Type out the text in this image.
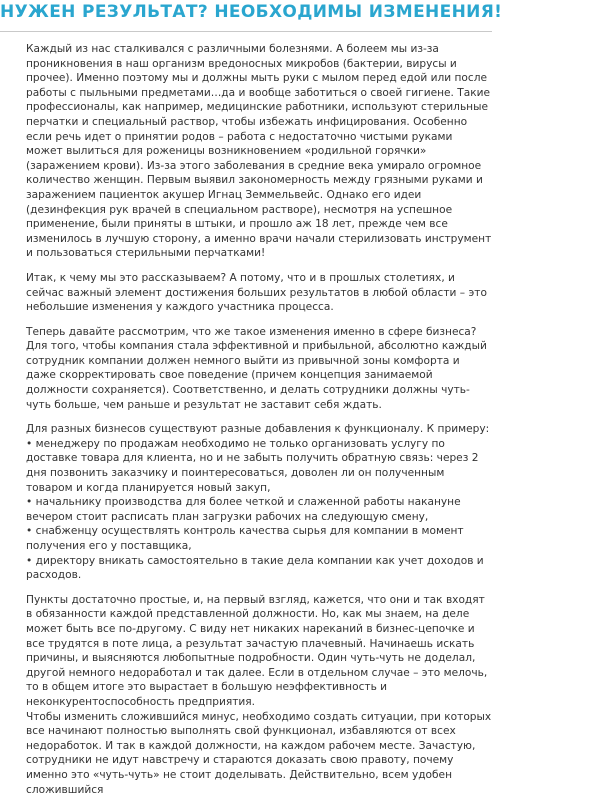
НУЖЕН РЕЗУЛЬТАТ? НЕОБХОДИМЫ ИЗМЕНЕНИЯ!

Каждый из нас сталкивался с различными болезнями. А болеем мы из-за проникновения в наш организм вредоносных микробов (бактерии, вирусы и прочее). Именно поэтому мы и должны мыть руки с мылом перед едой или после работы с пыльными предметами…да и вообще заботиться о своей гигиене. Такие профессионалы, как например, медицинские работники, используют стерильные перчатки и специальный раствор, чтобы избежать инфицирования. Особенно если речь идет о принятии родов – работа с недостаточно чистыми руками может вылиться для роженицы возникновением «родильной горячки» (заражением крови). Из-за этого заболевания в средние века умирало огромное количество женщин. Первым выявил закономерность между грязными руками и заражением пациенток акушер Игнац Земмельвейс. Однако его идеи (дезинфекция рук врачей в специальном растворе), несмотря на успешное применение, были приняты в штыки, и прошло аж 18 лет, прежде чем все изменилось в лучшую сторону, а именно врачи начали стерилизовать инструмент и пользоваться стерильными перчатками!

Итак, к чему мы это рассказываем? А потому, что и в прошлых столетиях, и сейчас важный элемент достижения больших результатов в любой области – это небольшие изменения у каждого участника процесса.

Теперь давайте рассмотрим, что же такое изменения именно в сфере бизнеса? Для того, чтобы компания стала эффективной и прибыльной, абсолютно каждый сотрудник компании должен немного выйти из привычной зоны комфорта и даже скорректировать свое поведение (причем концепция занимаемой должности сохраняется). Соответственно, и делать сотрудники должны чуть-чуть больше, чем раньше и результат не заставит себя ждать.

Для разных бизнесов существуют разные добавления к функционалу. К примеру:

• менеджеру по продажам необходимо не только организовать услугу по доставке товара для клиента, но и не забыть получить обратную связь: через 2 дня позвонить заказчику и поинтересоваться, доволен ли он полученным товаром и когда планируется новый закуп,

• начальнику производства для более четкой и слаженной работы накануне вечером стоит расписать план загрузки рабочих на следующую смену,

• снабженцу осуществлять контроль качества сырья для компании в момент получения его у поставщика,

• директору вникать самостоятельно в такие дела компании как учет доходов и расходов.

Пункты достаточно простые, и, на первый взгляд, кажется, что они и так входят в обязанности каждой представленной должности. Но, как мы знаем, на деле может быть все по-другому. С виду нет никаких нареканий в бизнес-цепочке и все трудятся в поте лица, а результат зачастую плачевный. Начинаешь искать причины, и выясняются любопытные подробности. Один чуть-чуть не доделал, другой немного недоработал и так далее. Если в отдельном случае – это мелочь, то в общем итоге это вырастает в большую неэффективность и неконкурентоспособность предприятия.

Чтобы изменить сложившийся минус, необходимо создать ситуации, при которых все начинают полностью выполнять свой функционал, избавляются от всех недоработок. И так в каждой должности, на каждом рабочем месте. Зачастую, сотрудники не идут навстречу и стараются доказать свою правоту, почему именно это «чуть-чуть» не стоит доделывать. Действительно, всем удобен сложившийся
